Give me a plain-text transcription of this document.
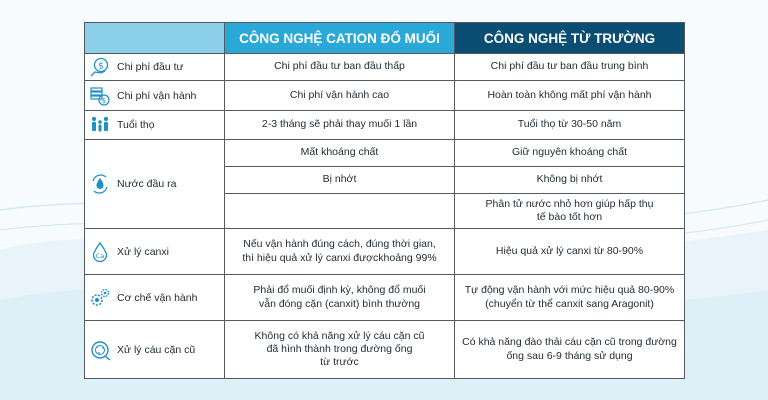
	CÔNG NGHỆ CATION ĐỔ MUỐI	CÔNG NGHỆ TỪ TRƯỜNG

$ Chi phí đầu tư	Chi phí đầu tư ban đầu thấp	Chi phí đầu tư ban đầu trung bình

$ Chi phí vận hành	Chi phí vận hành cao	Hoàn toàn không mất phí vận hành

Tuổi thọ	2-3 tháng sẽ phải thay muối 1 lần	Tuổi thọ từ 30-50 năm

Nước đầu ra	Mất khoáng chất	Giữ nguyên khoáng chất
	Bị nhớt	Không bị nhớt
		Phân tử nước nhỏ hơn giúp hấp thụ
tế bào tốt hơn

Ca Xử lý canxi	Nếu vận hành đúng cách, đúng thời gian,
thì hiệu quả xử lý canxi đượckhoảng 99%	Hiệu quả xử lý canxi từ 80-90%

Cơ chế vận hành	Phải đổ muối định kỳ, không đổ muối
vẫn đóng cặn (canxit) bình thường	Tự động vận hành với mức hiệu quả 80-90%
(chuyển từ thể canxit sang Aragonit)

Xử lý cáu cặn cũ	Không có khả năng xử lý cáu cặn cũ
đã hình thành trong đường ống
từ trước	Có khả năng đào thải cáu cặn cũ trong đường
ống sau 6-9 tháng sử dụng
